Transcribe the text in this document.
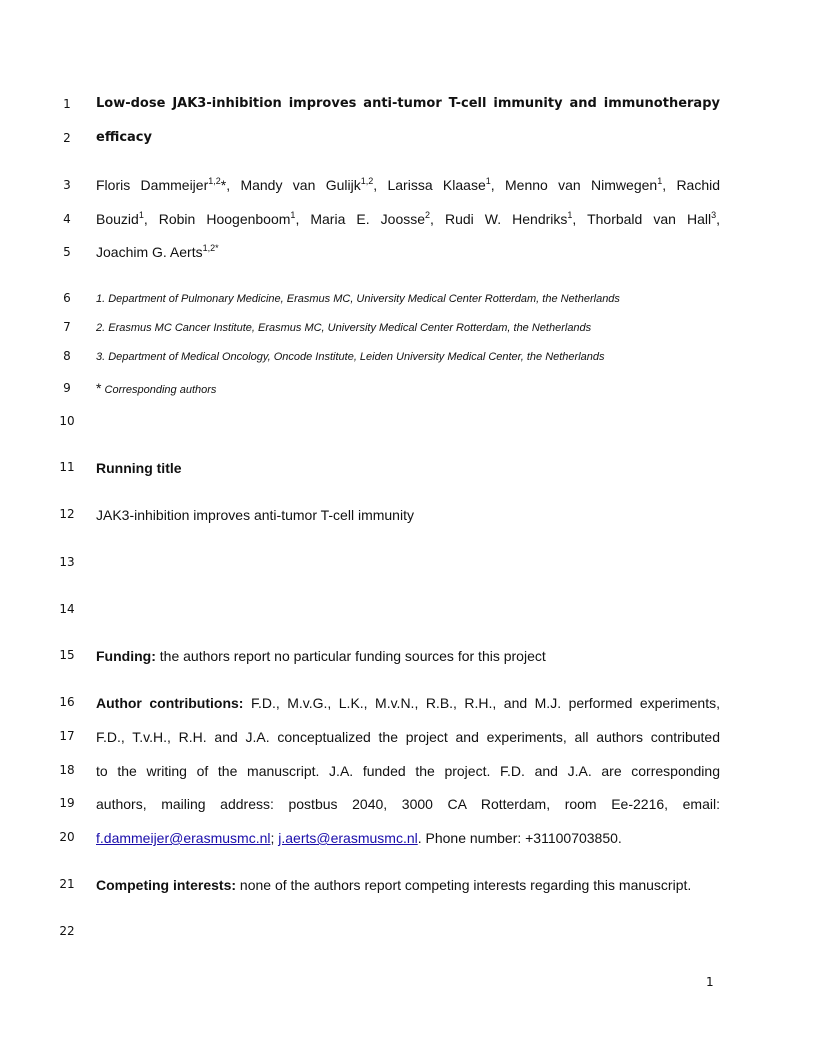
1
2
3
4
5
6
7
8
9
10
11
12
13
14
15
16
17
18
19
20
21
22
Low-dose JAK3-inhibition improves anti-tumor T-cell immunity and immunotherapy
efficacy
Floris Dammeijer$^{1,2}$*, Mandy van Gulijk$^{1,2}$, Larissa Klaase$^1$, Menno van Nimwegen$^1$, Rachid
Bouzid$^1$, Robin Hoogenboom$^1$, Maria E. Joosse$^2$, Rudi W. Hendriks$^1$, Thorbald van Hall$^3$,
Joachim G. Aerts$^{1,2*}$
1. Department of Pulmonary Medicine, Erasmus MC, University Medical Center Rotterdam, the Netherlands
2. Erasmus MC Cancer Institute, Erasmus MC, University Medical Center Rotterdam, the Netherlands
3. Department of Medical Oncology, Oncode Institute, Leiden University Medical Center, the Netherlands
* Corresponding authors
Running title
JAK3-inhibition improves anti-tumor T-cell immunity
Funding: the authors report no particular funding sources for this project
Author contributions: F.D., M.v.G., L.K., M.v.N., R.B., R.H., and M.J. performed experiments,
F.D., T.v.H., R.H. and J.A. conceptualized the project and experiments, all authors contributed
to the writing of the manuscript. J.A. funded the project. F.D. and J.A. are corresponding
authors, mailing address: postbus 2040, 3000 CA Rotterdam, room Ee-2216, email:
f.dammeijer@erasmusmc.nl; j.aerts@erasmusmc.nl. Phone number: +31100703850.
Competing interests: none of the authors report competing interests regarding this manuscript.
1
